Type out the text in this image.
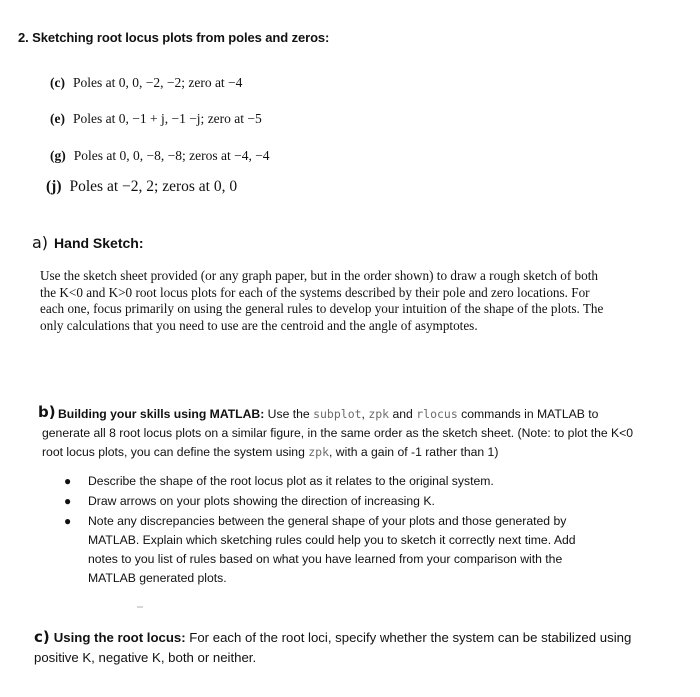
2. Sketching root locus plots from poles and zeros:
(c) Poles at 0, 0, −2, −2; zero at −4
(e) Poles at 0, −1 + j, −1 −j; zero at −5
(g) Poles at 0, 0, −8, −8; zeros at −4, −4
(j) Poles at −2, 2; zeros at 0, 0
a) Hand Sketch:
Use the sketch sheet provided (or any graph paper, but in the order shown) to draw a rough sketch of both the K<0 and K>0 root locus plots for each of the systems described by their pole and zero locations. For each one, focus primarily on using the general rules to develop your intuition of the shape of the plots. The only calculations that you need to use are the centroid and the angle of asymptotes.
b) Building your skills using MATLAB: Use the subplot, zpk and rlocus commands in MATLAB to generate all 8 root locus plots on a similar figure, in the same order as the sketch sheet. (Note: to plot the K<0 root locus plots, you can define the system using zpk, with a gain of -1 rather than 1)
● Describe the shape of the root locus plot as it relates to the original system.
● Draw arrows on your plots showing the direction of increasing K.
● Note any discrepancies between the general shape of your plots and those generated by MATLAB. Explain which sketching rules could help you to sketch it correctly next time. Add notes to you list of rules based on what you have learned from your comparison with the MATLAB generated plots.
c) Using the root locus: For each of the root loci, specify whether the system can be stabilized using positive K, negative K, both or neither.
